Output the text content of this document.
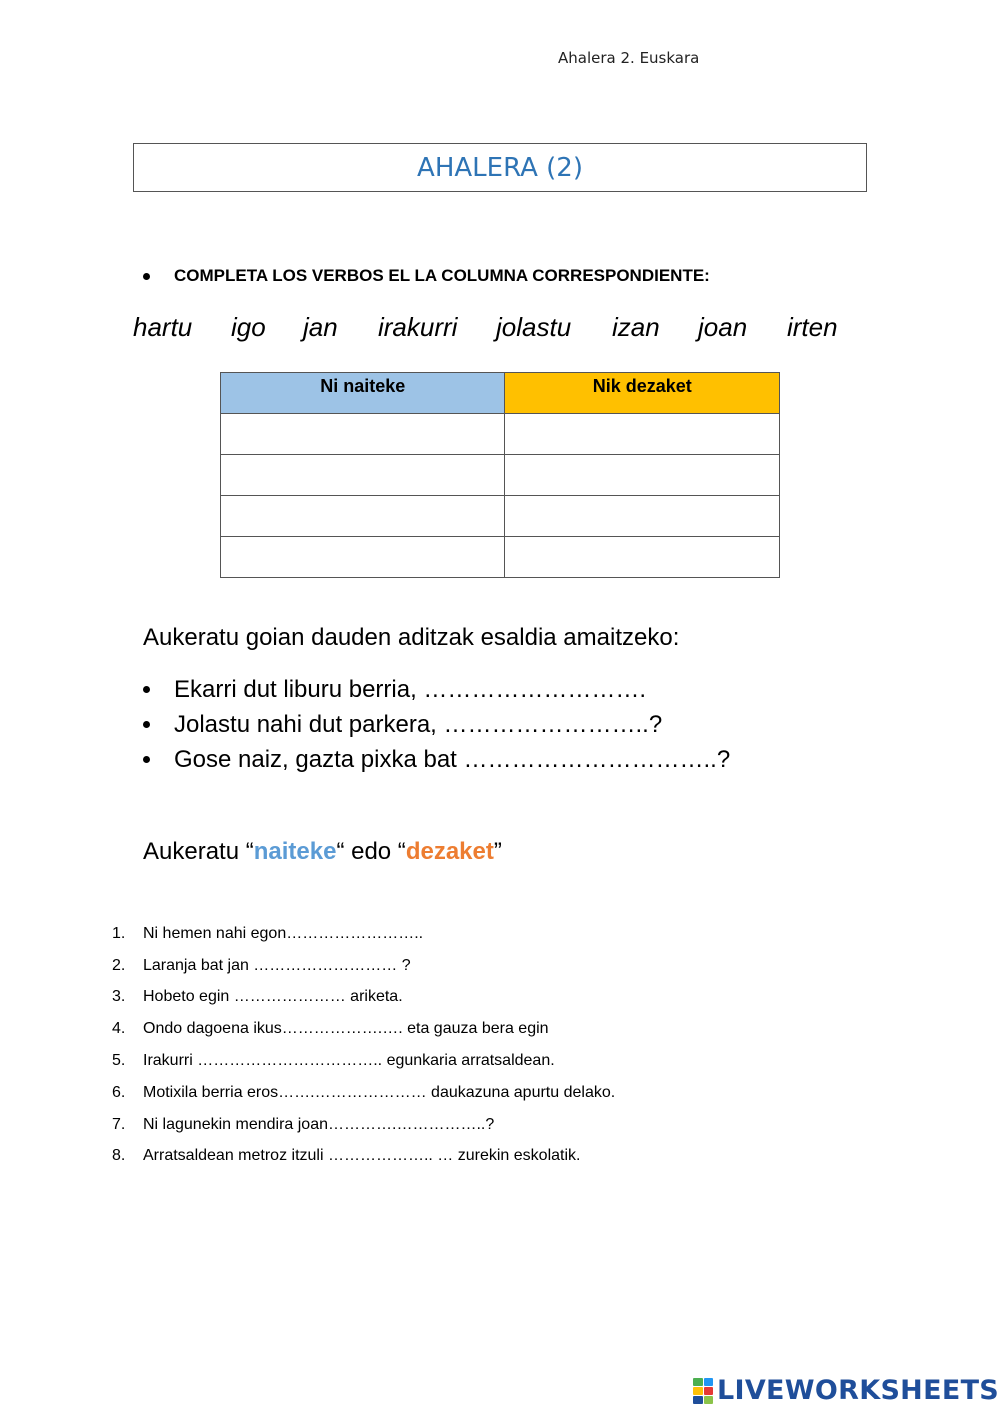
Ahalera 2. Euskara
AHALERA (2)
COMPLETA LOS VERBOS EL LA COLUMNA CORRESPONDIENTE:
hartu igo jan irakurri jolastu izan joan irten
Ni naiteke	Nik dezaket

Aukeratu goian dauden aditzak esaldia amaitzeko:
Ekarri dut liburu berria, ……………………….
Jolastu nahi dut parkera, ……………………..?
Gose naiz, gazta pixka bat …………………………..?
Aukeratu “naiteke“ edo “dezaket”
1.	Ni hemen nahi egon……………………..
2.	Laranja bat jan ……………………… ?
3.	Hobeto egin ………………… ariketa.
4.	Ondo dagoena ikus……………….…. eta gauza bera egin
5.	Irakurri …………………………….. egunkaria arratsaldean.
6.	Motixila berria eros…….………………… daukazuna apurtu delako.
7.	Ni lagunekin mendira joan………….……………..?
8.	Arratsaldean metroz itzuli ……………….. … zurekin eskolatik.
LIVEWORKSHEETS
